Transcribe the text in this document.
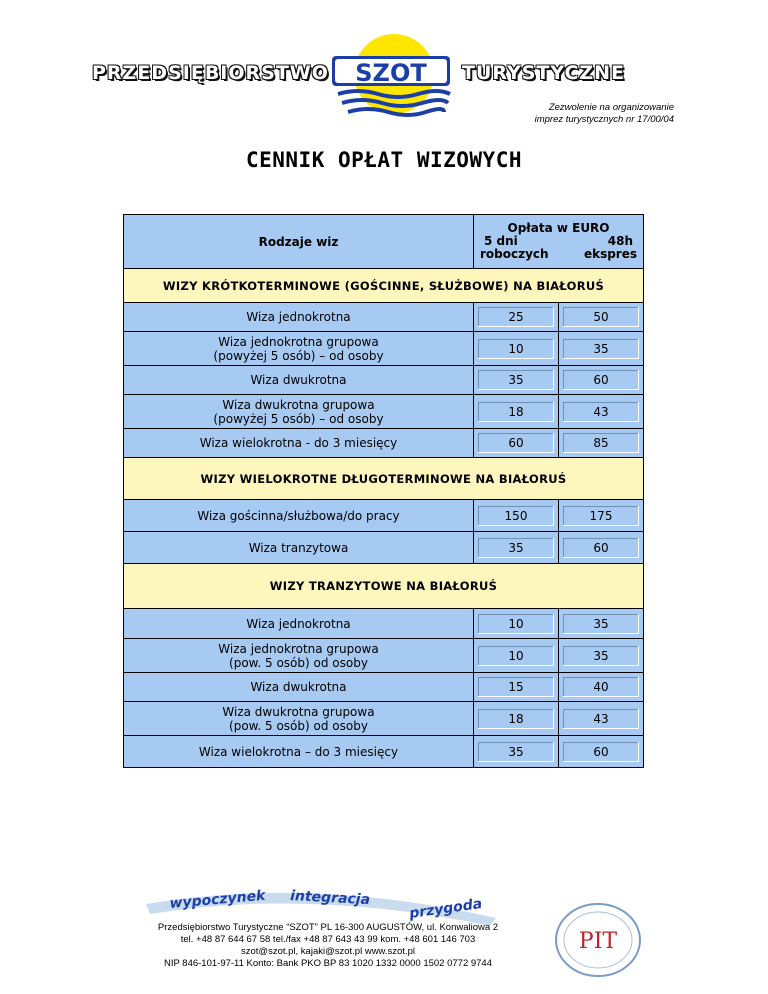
PRZEDSIĘBIORSTWO SZOT TURYSTYCZNE
Zezwolenie na organizowanie
imprez turystycznych nr 17/00/04
CENNIK OPŁAT WIZOWYCH
Rodzaje wiz	Opłata w EURO
5 dni 48h
roboczych ekspres	

WIZY KRÓTKOTERMINOWE (GOŚCINNE, SŁUŻBOWE) NA BIAŁORUŚ		

Wiza jednokrotna	25	50

Wiza jednokrotna grupowa
(powyżej 5 osób) – od osoby	10	35

Wiza dwukrotna	35	60

Wiza dwukrotna grupowa
(powyżej 5 osób) – od osoby	18	43

Wiza wielokrotna - do 3 miesięcy	60	85
WIZY WIELOKROTNE DŁUGOTERMINOWE NA BIAŁORUŚ		

Wiza gościnna/służbowa/do pracy	150	175

Wiza tranzytowa	35	60
WIZY TRANZYTOWE NA BIAŁORUŚ		

Wiza jednokrotna	10	35

Wiza jednokrotna grupowa
(pow. 5 osób) od osoby	10	35

Wiza dwukrotna	15	40

Wiza dwukrotna grupowa
(pow. 5 osób) od osoby	18	43

Wiza wielokrotna – do 3 miesięcy	35	60
wypoczynek integracja	przygoda
Przedsiębiorstwo Turystyczne “SZOT” PL 16-300 AUGUSTÓW, ul. Konwaliowa 2
tel. +48 87 644 67 58 tel./fax +48 87 643 43 99 kom. +48 601 146 703
szot@szot.pl, kajaki@szot.pl www.szot.pl
NIP 846-101-97-11 Konto: Bank PKO BP 83 1020 1332 0000 1502 0772 9744
PIT
